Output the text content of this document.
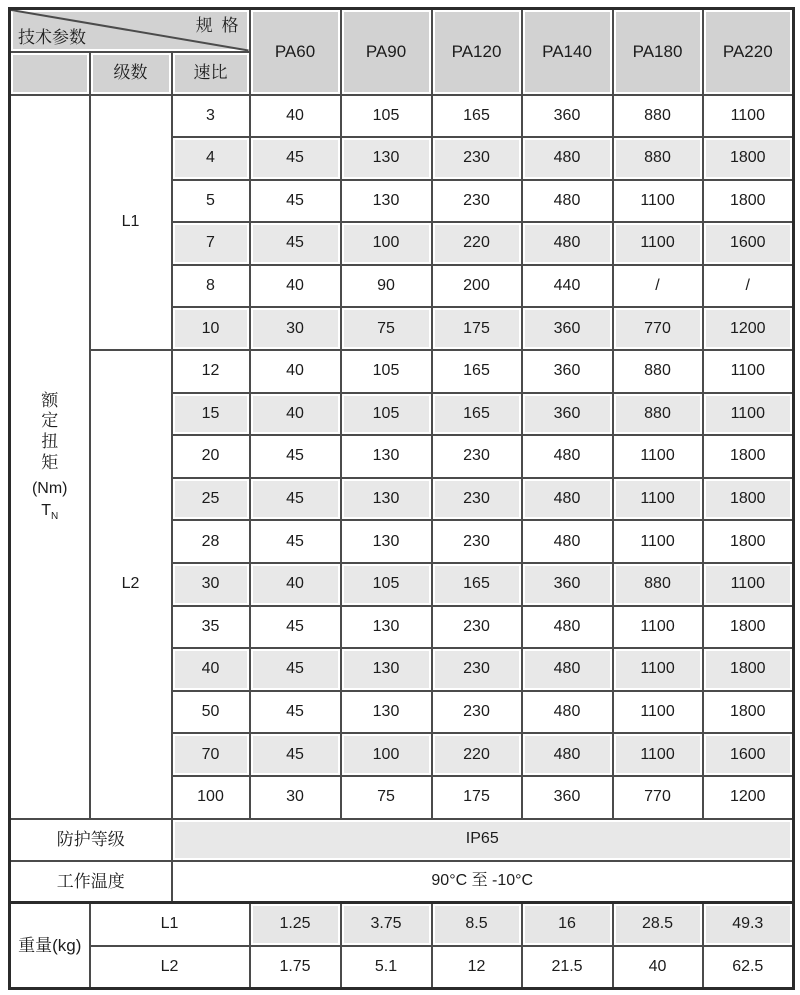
规 格
技术参数			PA60	PA90	PA120	PA140	PA180	PA220
	级数	速比						

额定扭矩
(Nm)
$T_N$	L1	3	40	105	165	360	880	1100
		4	45	130	230	480	880	1800
		5	45	130	230	480	1100	1800
		7	45	100	220	480	1100	1600
		8	40	90	200	440	/	/
		10	30	75	175	360	770	1200
	L2	12	40	105	165	360	880	1100
		15	40	105	165	360	880	1100
		20	45	130	230	480	1100	1800
		25	45	130	230	480	1100	1800
		28	45	130	230	480	1100	1800
		30	40	105	165	360	880	1100
		35	45	130	230	480	1100	1800
		40	45	130	230	480	1100	1800
		50	45	130	230	480	1100	1800
		70	45	100	220	480	1100	1600
		100	30	75	175	360	770	1200
防护等级		IP65						
工作温度		90°C 至 -10°C						
重量(kg)	L1		1.25	3.75	8.5	16	28.5	49.3
	L2		1.75	5.1	12	21.5	40	62.5
